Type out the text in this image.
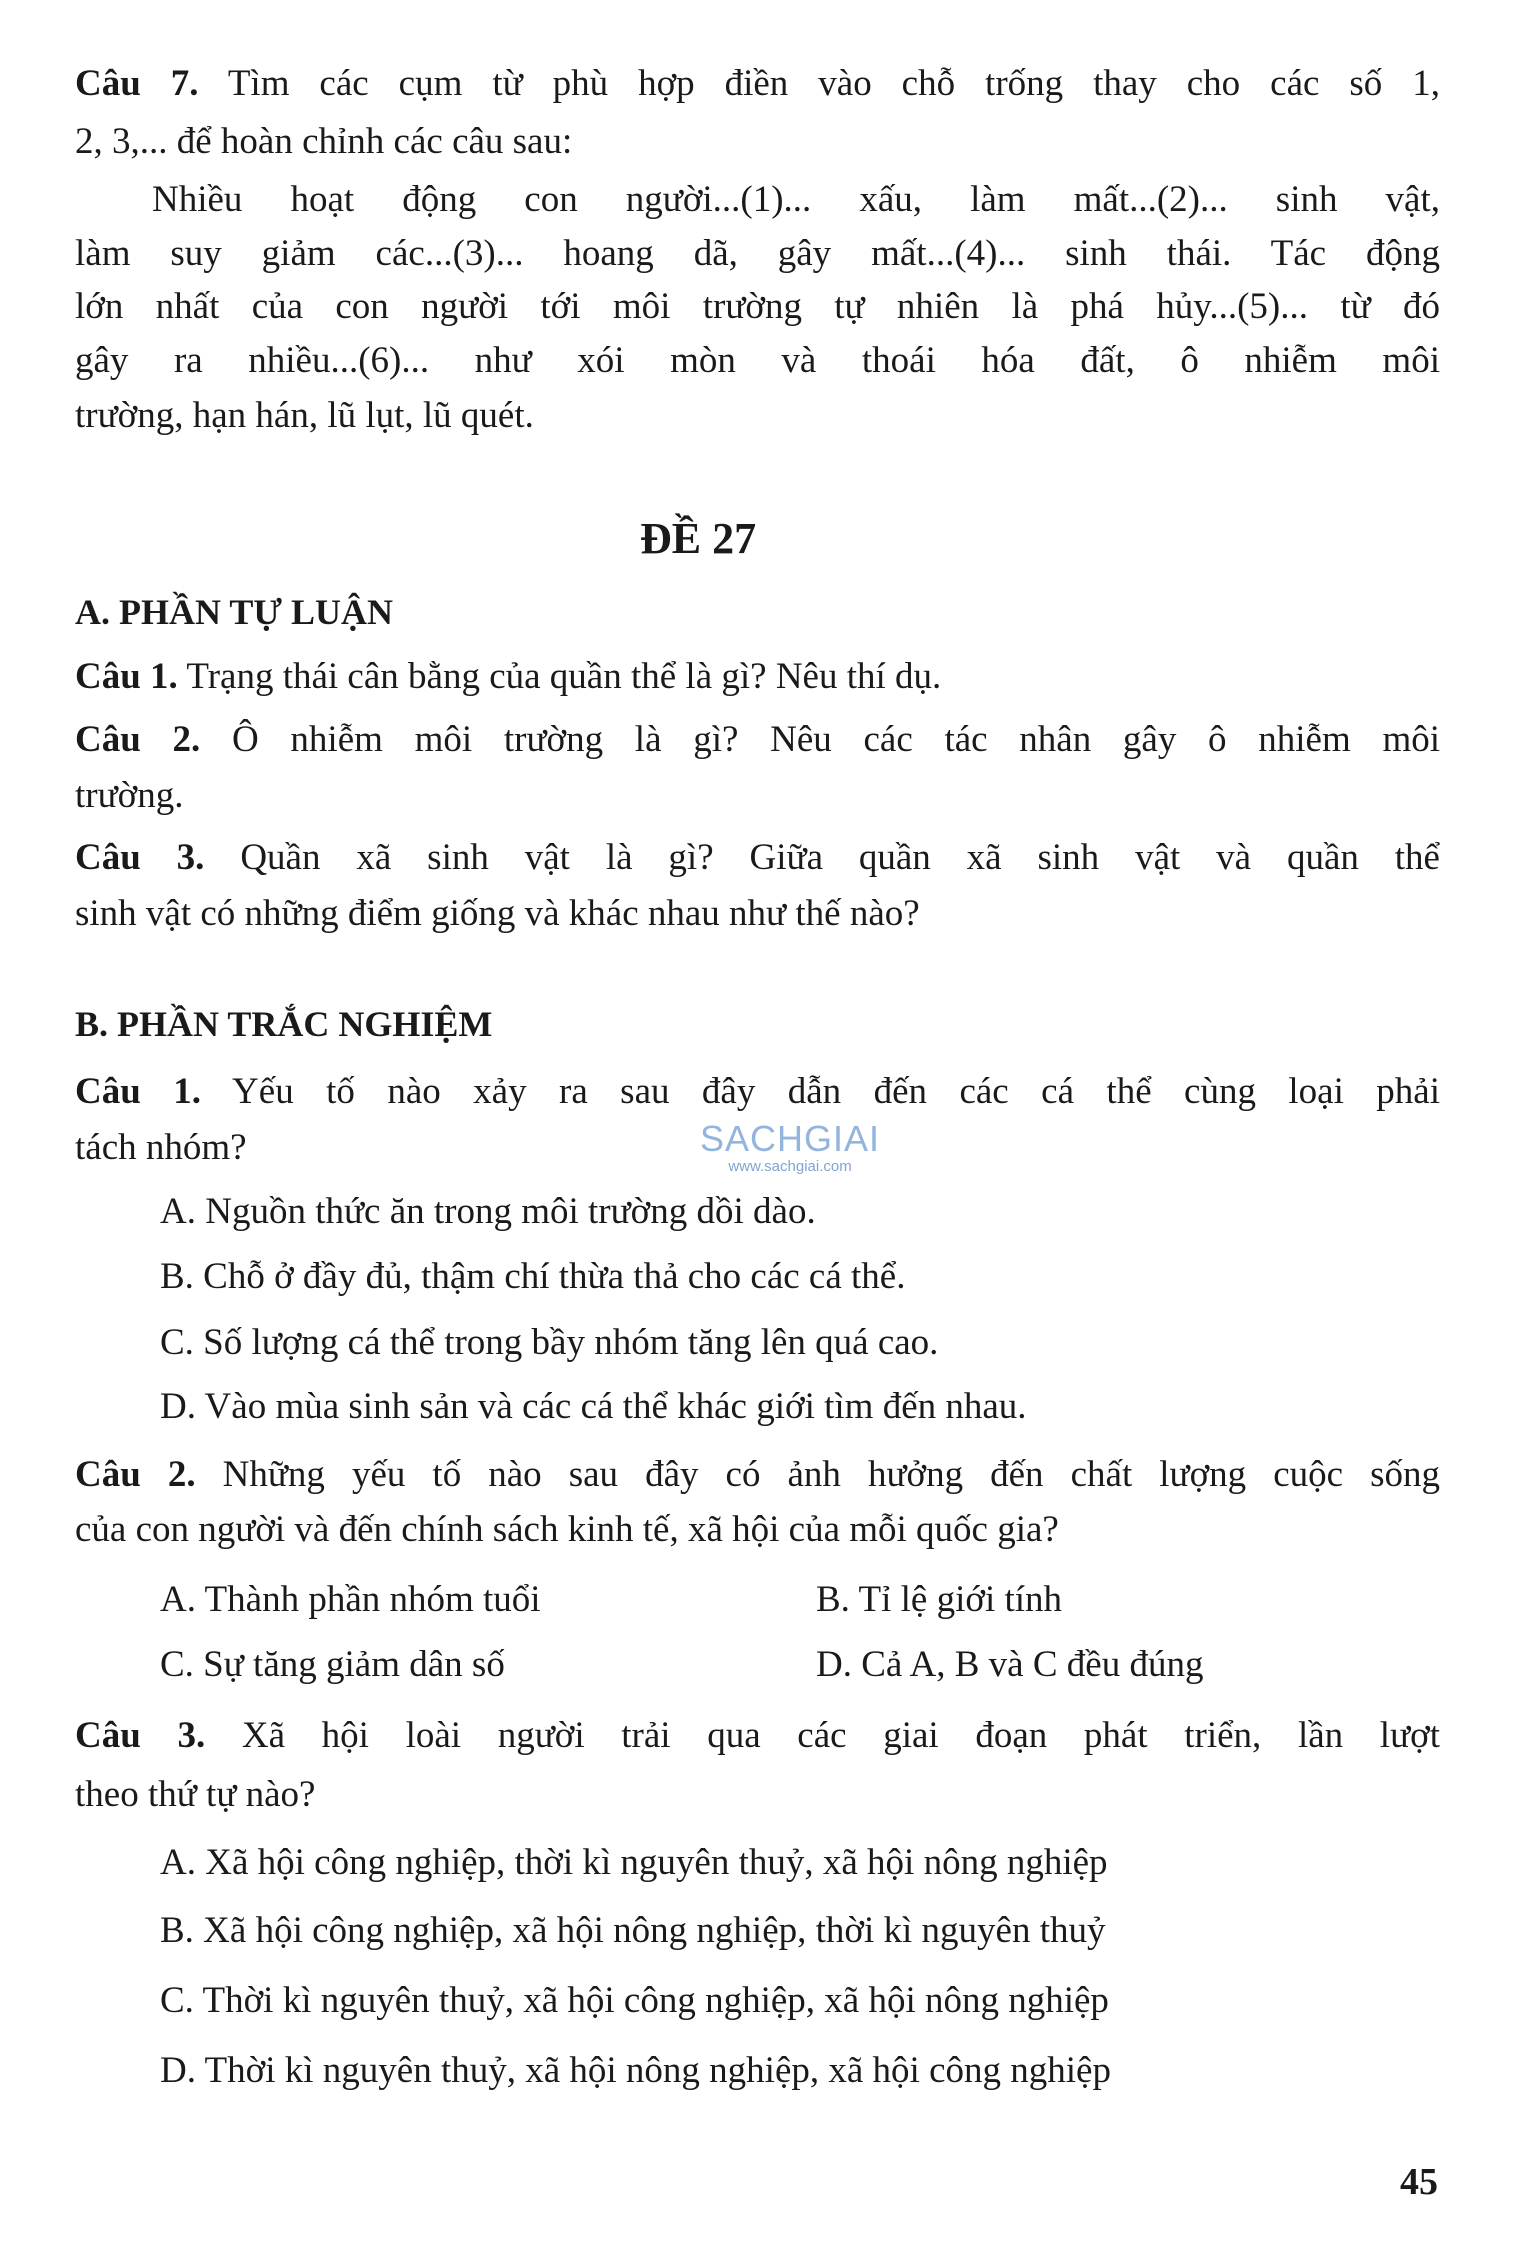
Câu 7. Tìm các cụm từ phù hợp điền vào chỗ trống thay cho các số 1,
2, 3,... để hoàn chỉnh các câu sau:
Nhiều hoạt động con người...(1)... xấu, làm mất...(2)... sinh vật,
làm suy giảm các...(3)... hoang dã, gây mất...(4)... sinh thái. Tác động
lớn nhất của con người tới môi trường tự nhiên là phá hủy...(5)... từ đó
gây ra nhiều...(6)... như xói mòn và thoái hóa đất, ô nhiễm môi
trường, hạn hán, lũ lụt, lũ quét.
ĐỀ 27
A. PHẦN TỰ LUẬN
Câu 1. Trạng thái cân bằng của quần thể là gì? Nêu thí dụ.
Câu 2. Ô nhiễm môi trường là gì? Nêu các tác nhân gây ô nhiễm môi
trường.
Câu 3. Quần xã sinh vật là gì? Giữa quần xã sinh vật và quần thể
sinh vật có những điểm giống và khác nhau như thế nào?
B. PHẦN TRẮC NGHIỆM
Câu 1. Yếu tố nào xảy ra sau đây dẫn đến các cá thể cùng loại phải
tách nhóm?
A. Nguồn thức ăn trong môi trường dồi dào.
B. Chỗ ở đầy đủ, thậm chí thừa thả cho các cá thể.
C. Số lượng cá thể trong bầy nhóm tăng lên quá cao.
D. Vào mùa sinh sản và các cá thể khác giới tìm đến nhau.
Câu 2. Những yếu tố nào sau đây có ảnh hưởng đến chất lượng cuộc sống
của con người và đến chính sách kinh tế, xã hội của mỗi quốc gia?
A. Thành phần nhóm tuổi	B. Tỉ lệ giới tính
C. Sự tăng giảm dân số	D. Cả A, B và C đều đúng
Câu 3. Xã hội loài người trải qua các giai đoạn phát triển, lần lượt
theo thứ tự nào?
A. Xã hội công nghiệp, thời kì nguyên thuỷ, xã hội nông nghiệp
B. Xã hội công nghiệp, xã hội nông nghiệp, thời kì nguyên thuỷ
C. Thời kì nguyên thuỷ, xã hội công nghiệp, xã hội nông nghiệp
D. Thời kì nguyên thuỷ, xã hội nông nghiệp, xã hội công nghiệp
SACHGIAI
www.sachgiai.com
45
